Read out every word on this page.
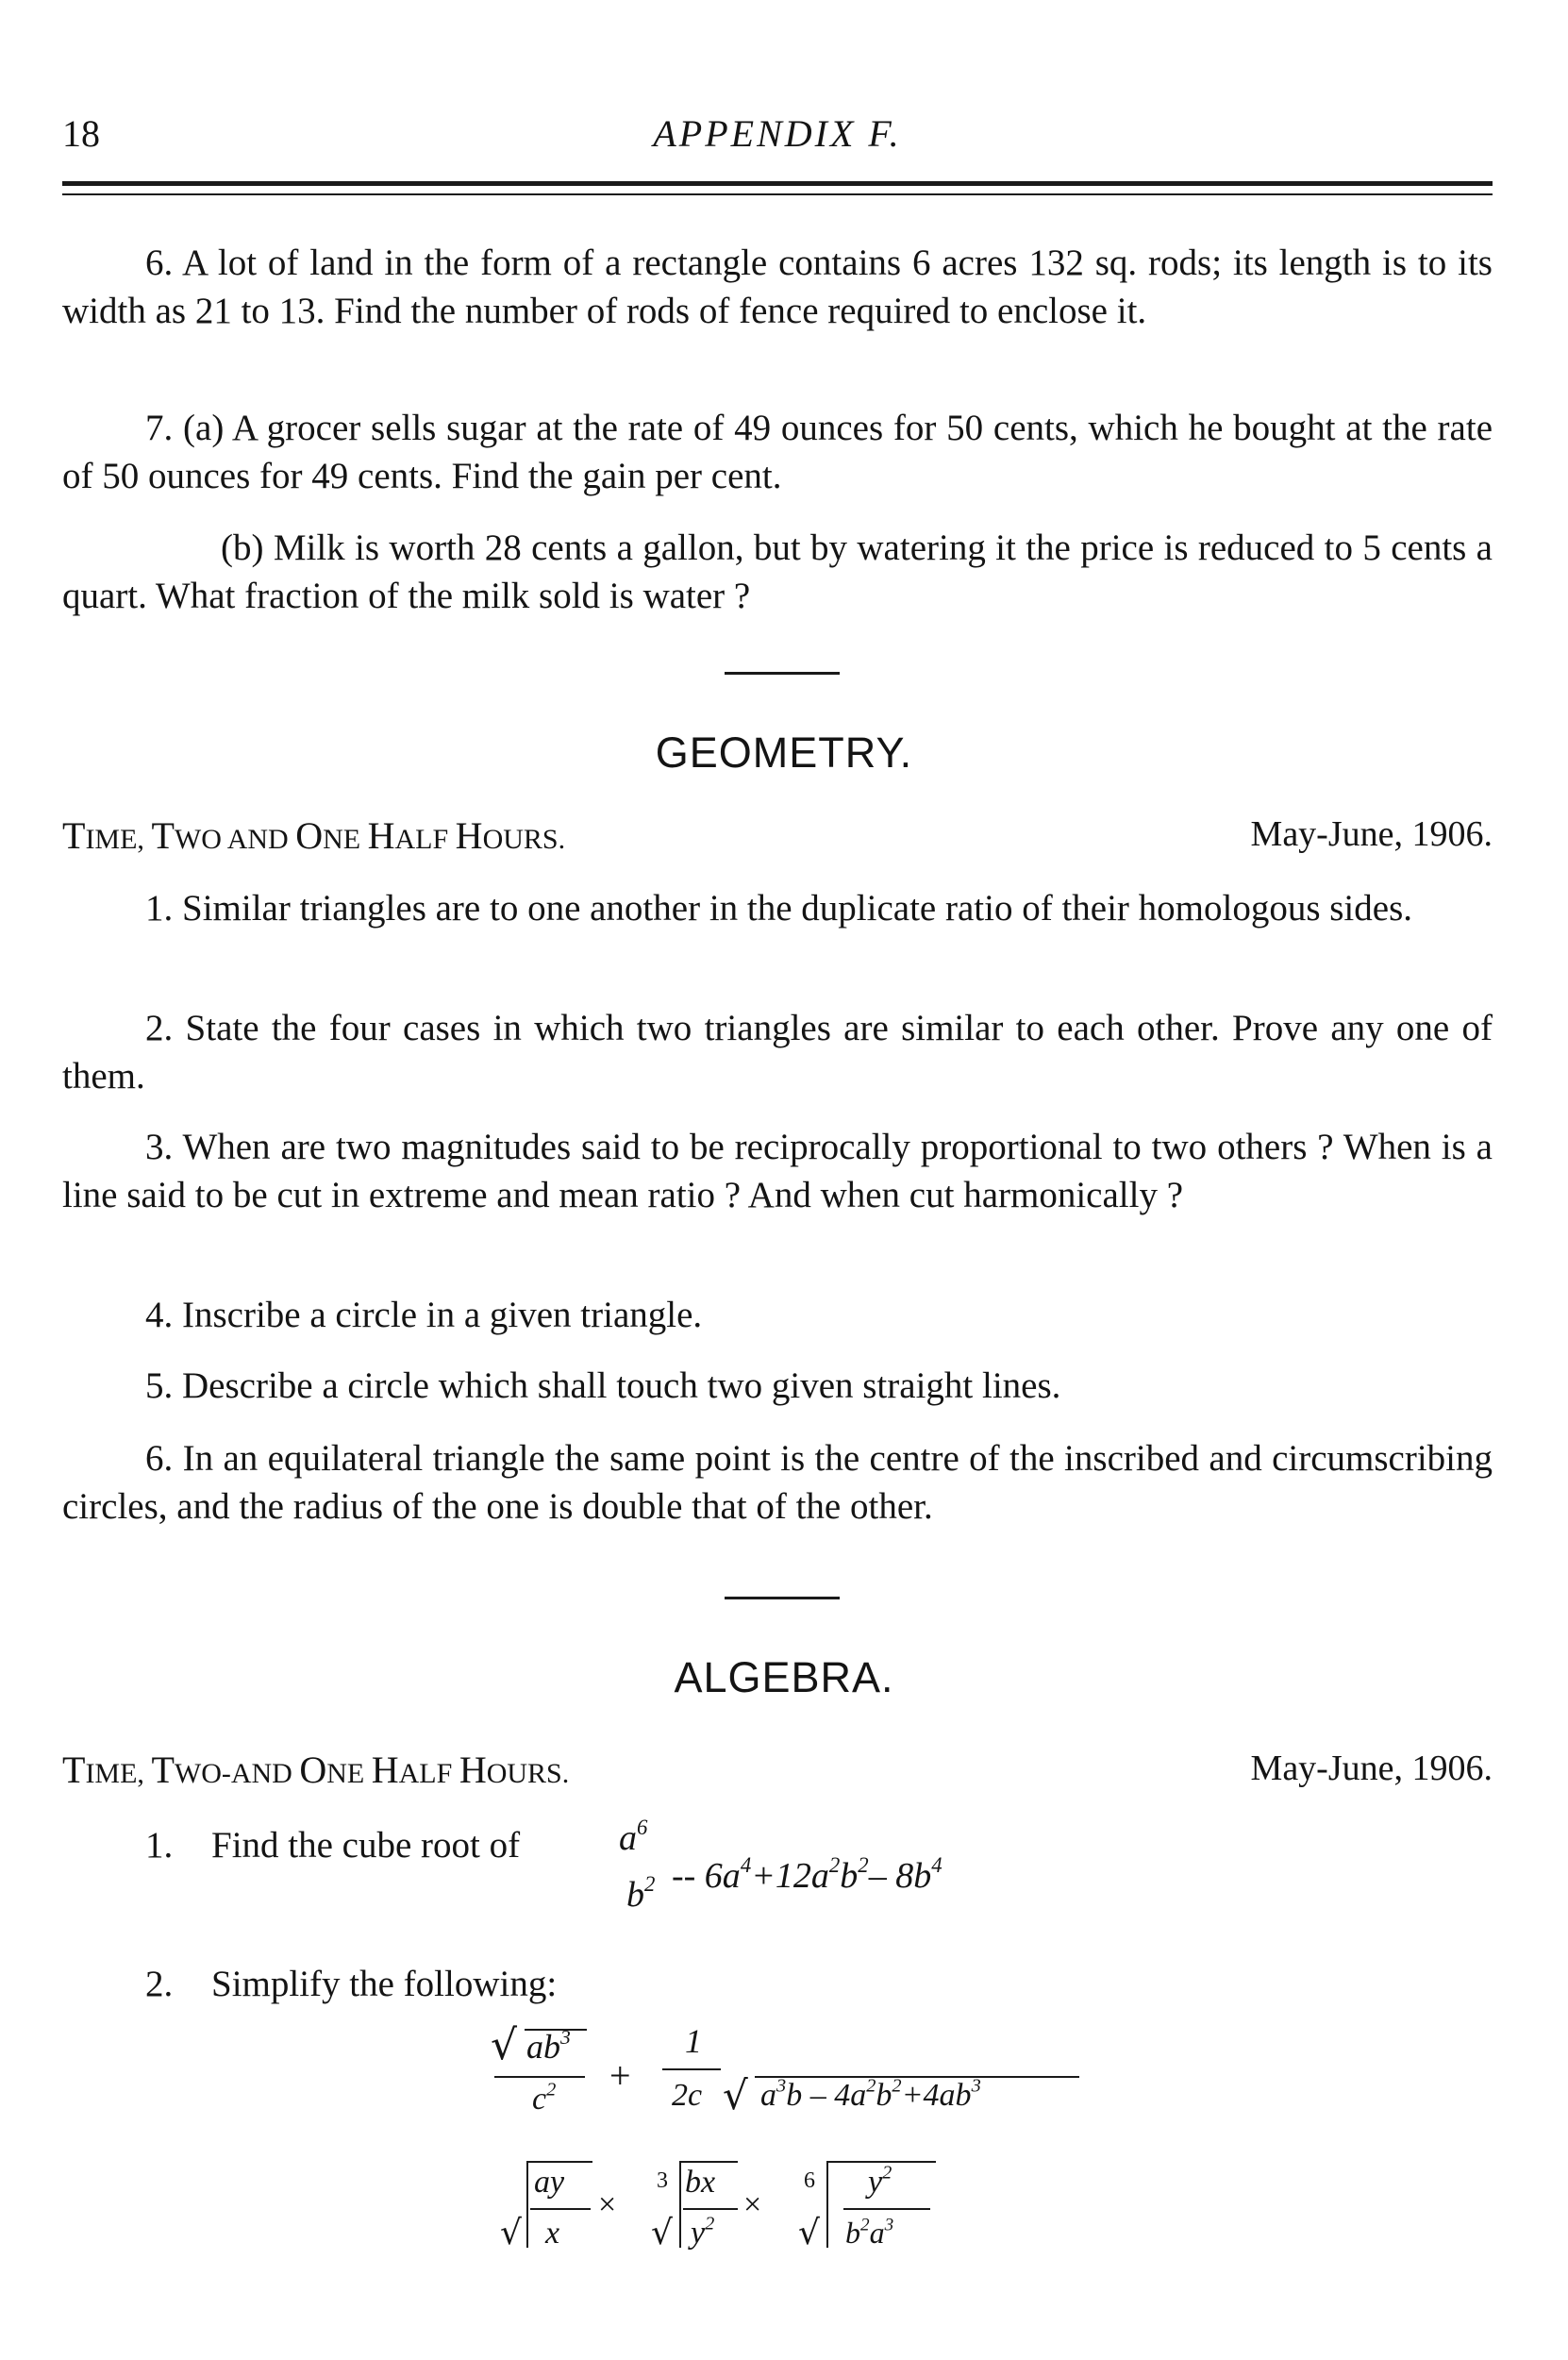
18	APPENDIX F.

6. A lot of land in the form of a rectangle contains 6 acres 132 sq. rods; its length is to its width as 21 to 13. Find the number of rods of fence required to enclose it.

7. (a) A grocer sells sugar at the rate of 49 ounces for 50 cents, which he bought at the rate of 50 ounces for 49 cents. Find the gain per cent.

(b) Milk is worth 28 cents a gallon, but by watering it the price is reduced to 5 cents a quart. What fraction of the milk sold is water ?

GEOMETRY.
TIME, TWO AND ONE HALF HOURS.	May-June, 1906.

1. Similar triangles are to one another in the duplicate ratio of their homologous sides.

2. State the four cases in which two triangles are similar to each other. Prove any one of them.

3. When are two magnitudes said to be reciprocally proportional to two others ? When is a line said to be cut in extreme and mean ratio ? And when cut harmonically ?

4. Inscribe a circle in a given triangle.

5. Describe a circle which shall touch two given straight lines.

6. In an equilateral triangle the same point is the centre of the inscribed and circumscribing circles, and the radius of the one is double that of the other.

ALGEBRA.
TIME, TWO-AND ONE HALF HOURS.	May-June, 1906.
1. Find the cube root of	$a^6$
$b^2 -- 6a^4+12a^2b^2-$ $8b^4$
2. Simplify the following:
√ $ab^3$
$c^2$ +
1
2c √ $a^3b - 4a^2b^2+4ab^3$
ay
√ x
×
3 bx
√ $y^2$
×
6 $y^2$
√ $b^2a^3$
